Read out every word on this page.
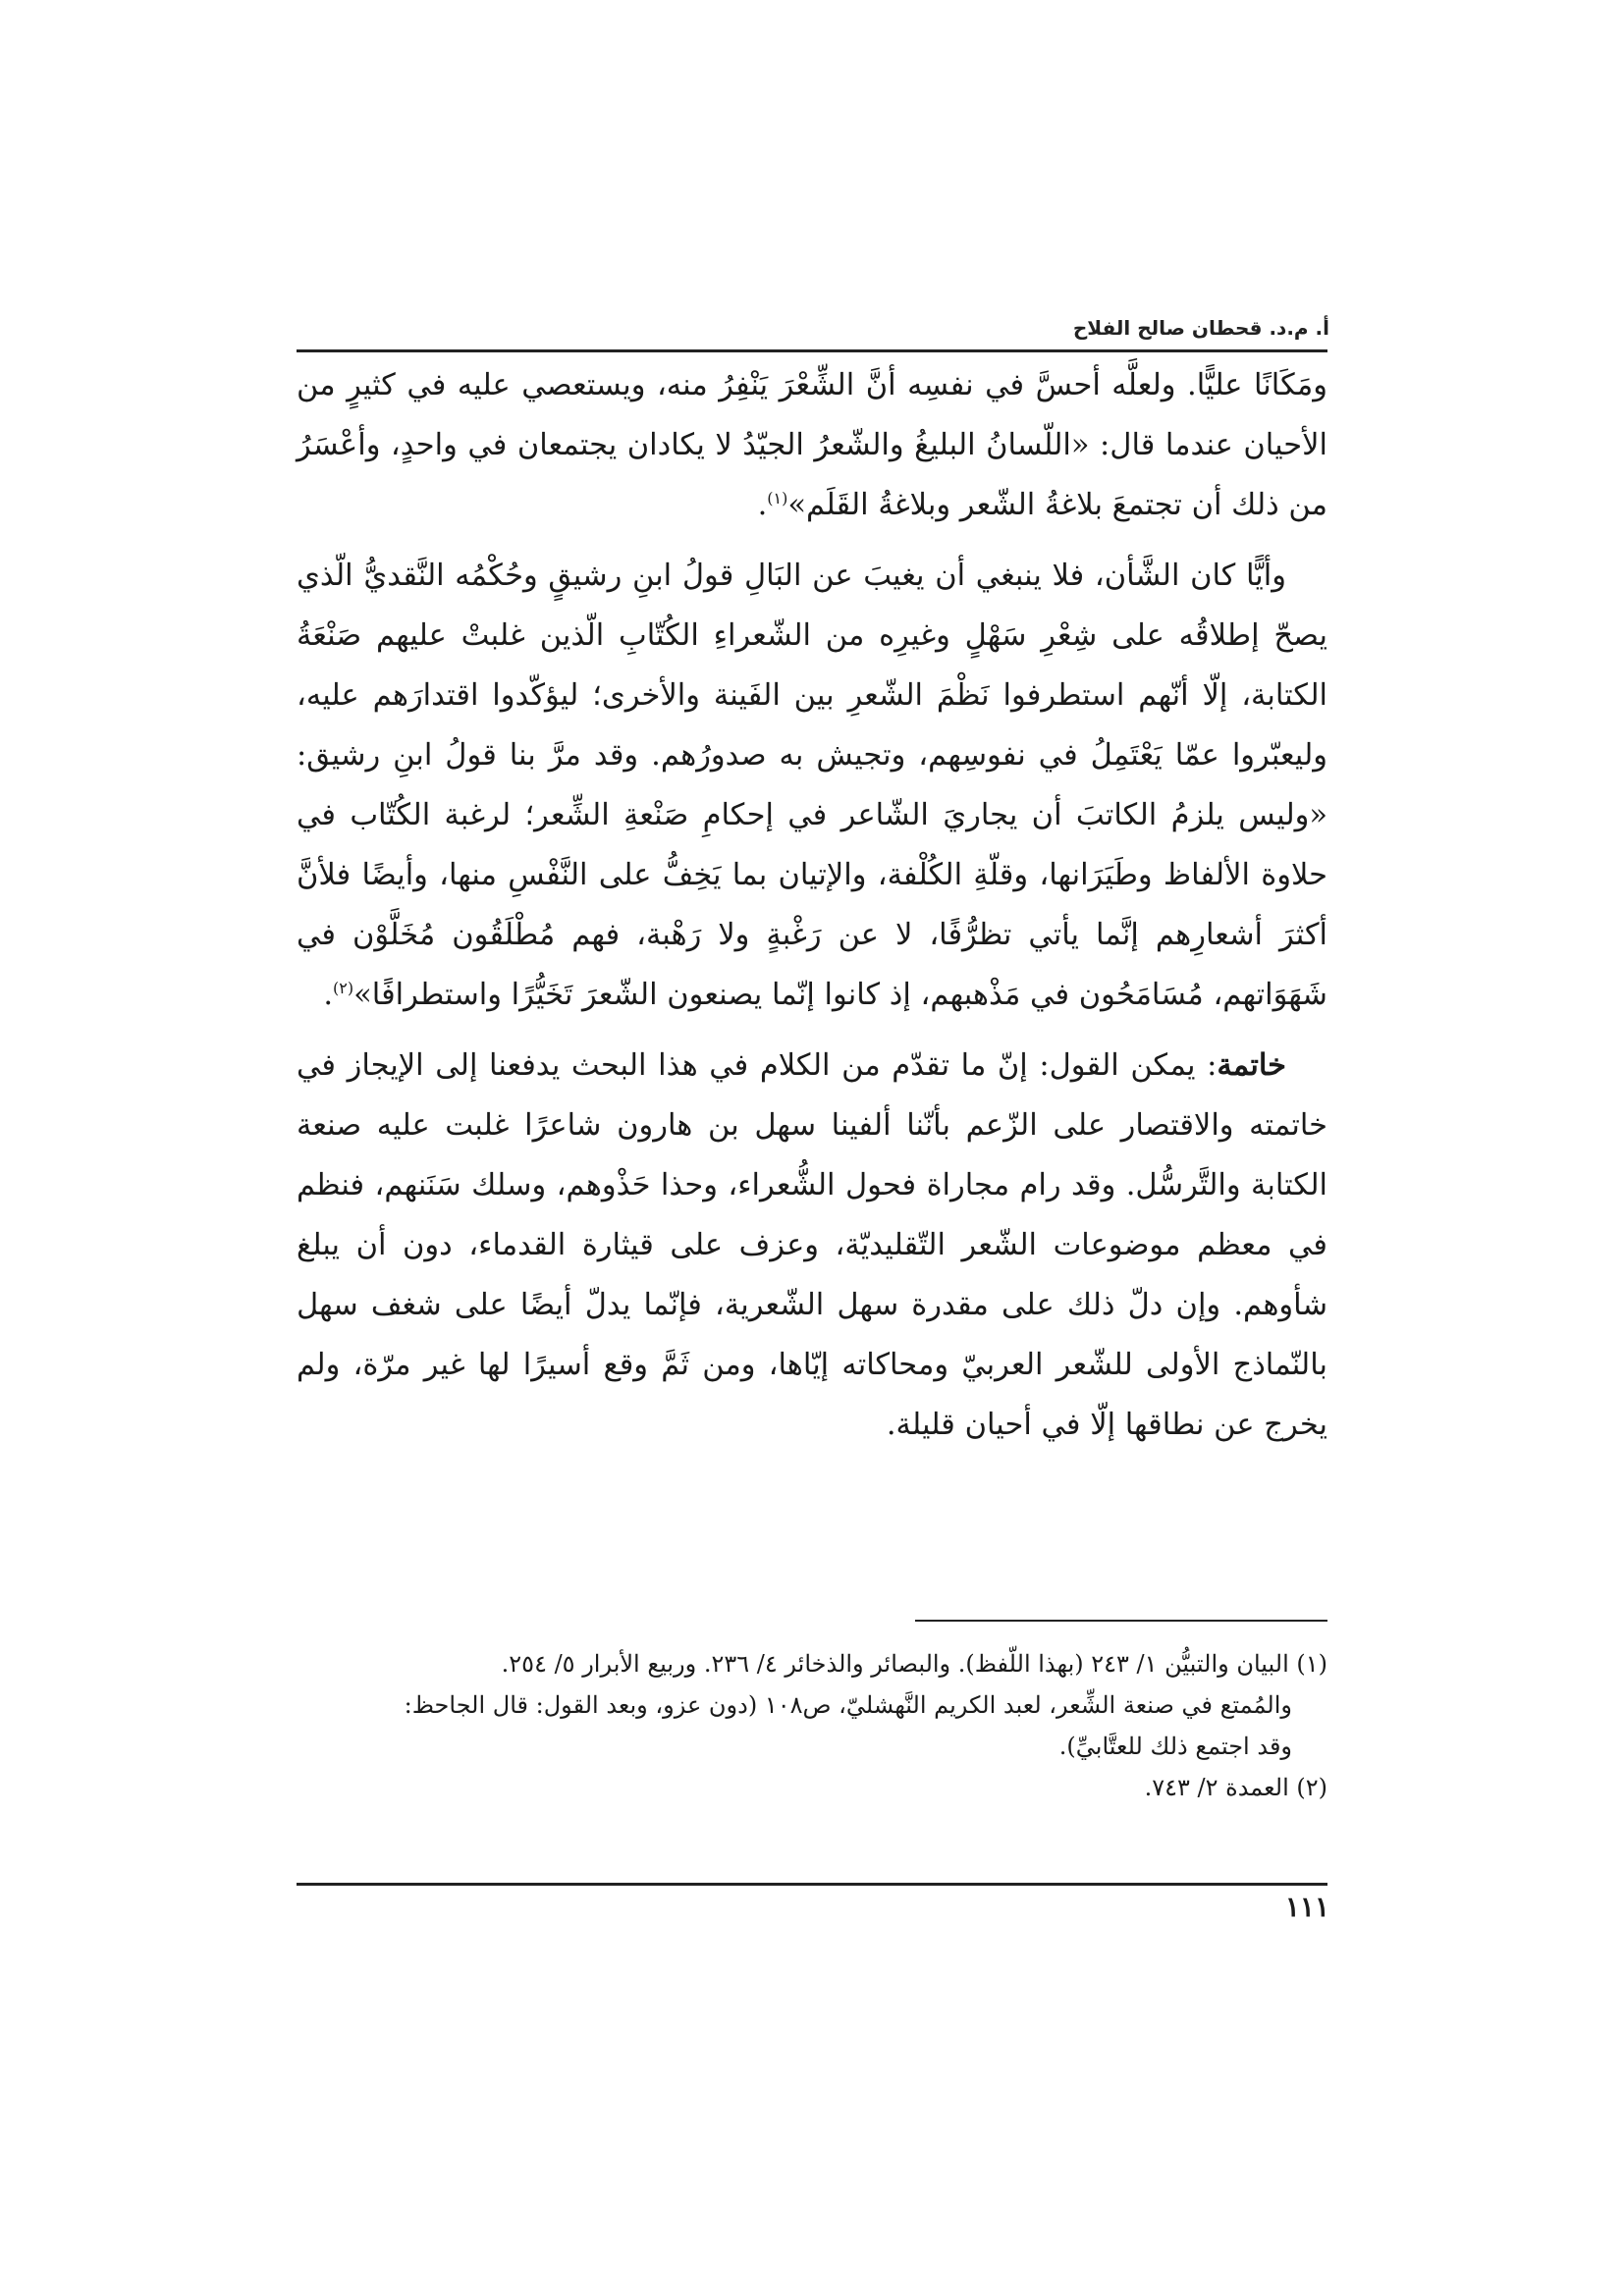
أ. م.د. قحطان صالح الفلاح

ومَكَانًا عليًّا. ولعلَّه أحسَّ في نفسِه أنَّ الشِّعْرَ يَنْفِرُ منه، ويستعصي عليه في كثيرٍ من الأحيان عندما قال: «اللّسانُ البليغُ والشّعرُ الجيّدُ لا يكادان يجتمعان في واحدٍ، وأعْسَرُ من ذلك أن تجتمعَ بلاغةُ الشّعر وبلاغةُ القَلَم»$^{(١)}$.

وأيًّا كان الشَّأن، فلا ينبغي أن يغيبَ عن البَالِ قولُ ابنِ رشيقٍ وحُكْمُه النَّقديُّ الّذي يصحّ إطلاقُه على شِعْرِ سَهْلٍ وغيرِه من الشّعراءِ الكُتّابِ الّذين غلبتْ عليهم صَنْعَةُ الكتابة، إلّا أنّهم استطرفوا نَظْمَ الشّعرِ بين الفَينة والأخرى؛ ليؤكّدوا اقتدارَهم عليه، وليعبّروا عمّا يَعْتَمِلُ في نفوسِهم، وتجيش به صدورُهم. وقد مرَّ بنا قولُ ابنِ رشيق: «وليس يلزمُ الكاتبَ أن يجاريَ الشّاعر في إحكامِ صَنْعةِ الشِّعر؛ لرغبة الكُتّاب في حلاوة الألفاظ وطَيَرَانها، وقلّةِ الكُلْفة، والإتيان بما يَخِفُّ على النَّفْسِ منها، وأيضًا فلأنَّ أكثرَ أشعارِهم إنَّما يأتي تظرُّفًا، لا عن رَغْبةٍ ولا رَهْبة، فهم مُطْلَقُون مُخَلَّوْن في شَهَوَاتهم، مُسَامَحُون في مَذْهبهم، إذ كانوا إنّما يصنعون الشّعرَ تَخَيُّرًا واستطرافًا»$^{(٢)}$.

خاتمة: يمكن القول: إنّ ما تقدّم من الكلام في هذا البحث يدفعنا إلى الإيجاز في خاتمته والاقتصار على الزّعم بأنّنا ألفينا سهل بن هارون شاعرًا غلبت عليه صنعة الكتابة والتَّرسُّل. وقد رام مجاراة فحول الشُّعراء، وحذا حَذْوهم، وسلك سَنَنهم، فنظم في معظم موضوعات الشّعر التّقليديّة، وعزف على قيثارة القدماء، دون أن يبلغ شأوهم. وإن دلّ ذلك على مقدرة سهل الشّعرية، فإنّما يدلّ أيضًا على شغف سهل بالنّماذج الأولى للشّعر العربيّ ومحاكاته إيّاها، ومن ثَمَّ وقع أسيرًا لها غير مرّة، ولم يخرج عن نطاقها إلّا في أحيان قليلة.

(١) البيان والتبيُّن ١/ ٢٤٣ (بهذا اللّفظ). والبصائر والذخائر ٤/ ٢٣٦. وربيع الأبرار ٥/ ٢٥٤.

والمُمتع في صنعة الشِّعر، لعبد الكريم النَّهشليّ، ص١٠٨ (دون عزو، وبعد القول: قال الجاحظ:

وقد اجتمع ذلك للعتَّابيِّ).

(٢) العمدة ٢/ ٧٤٣.

١١١
